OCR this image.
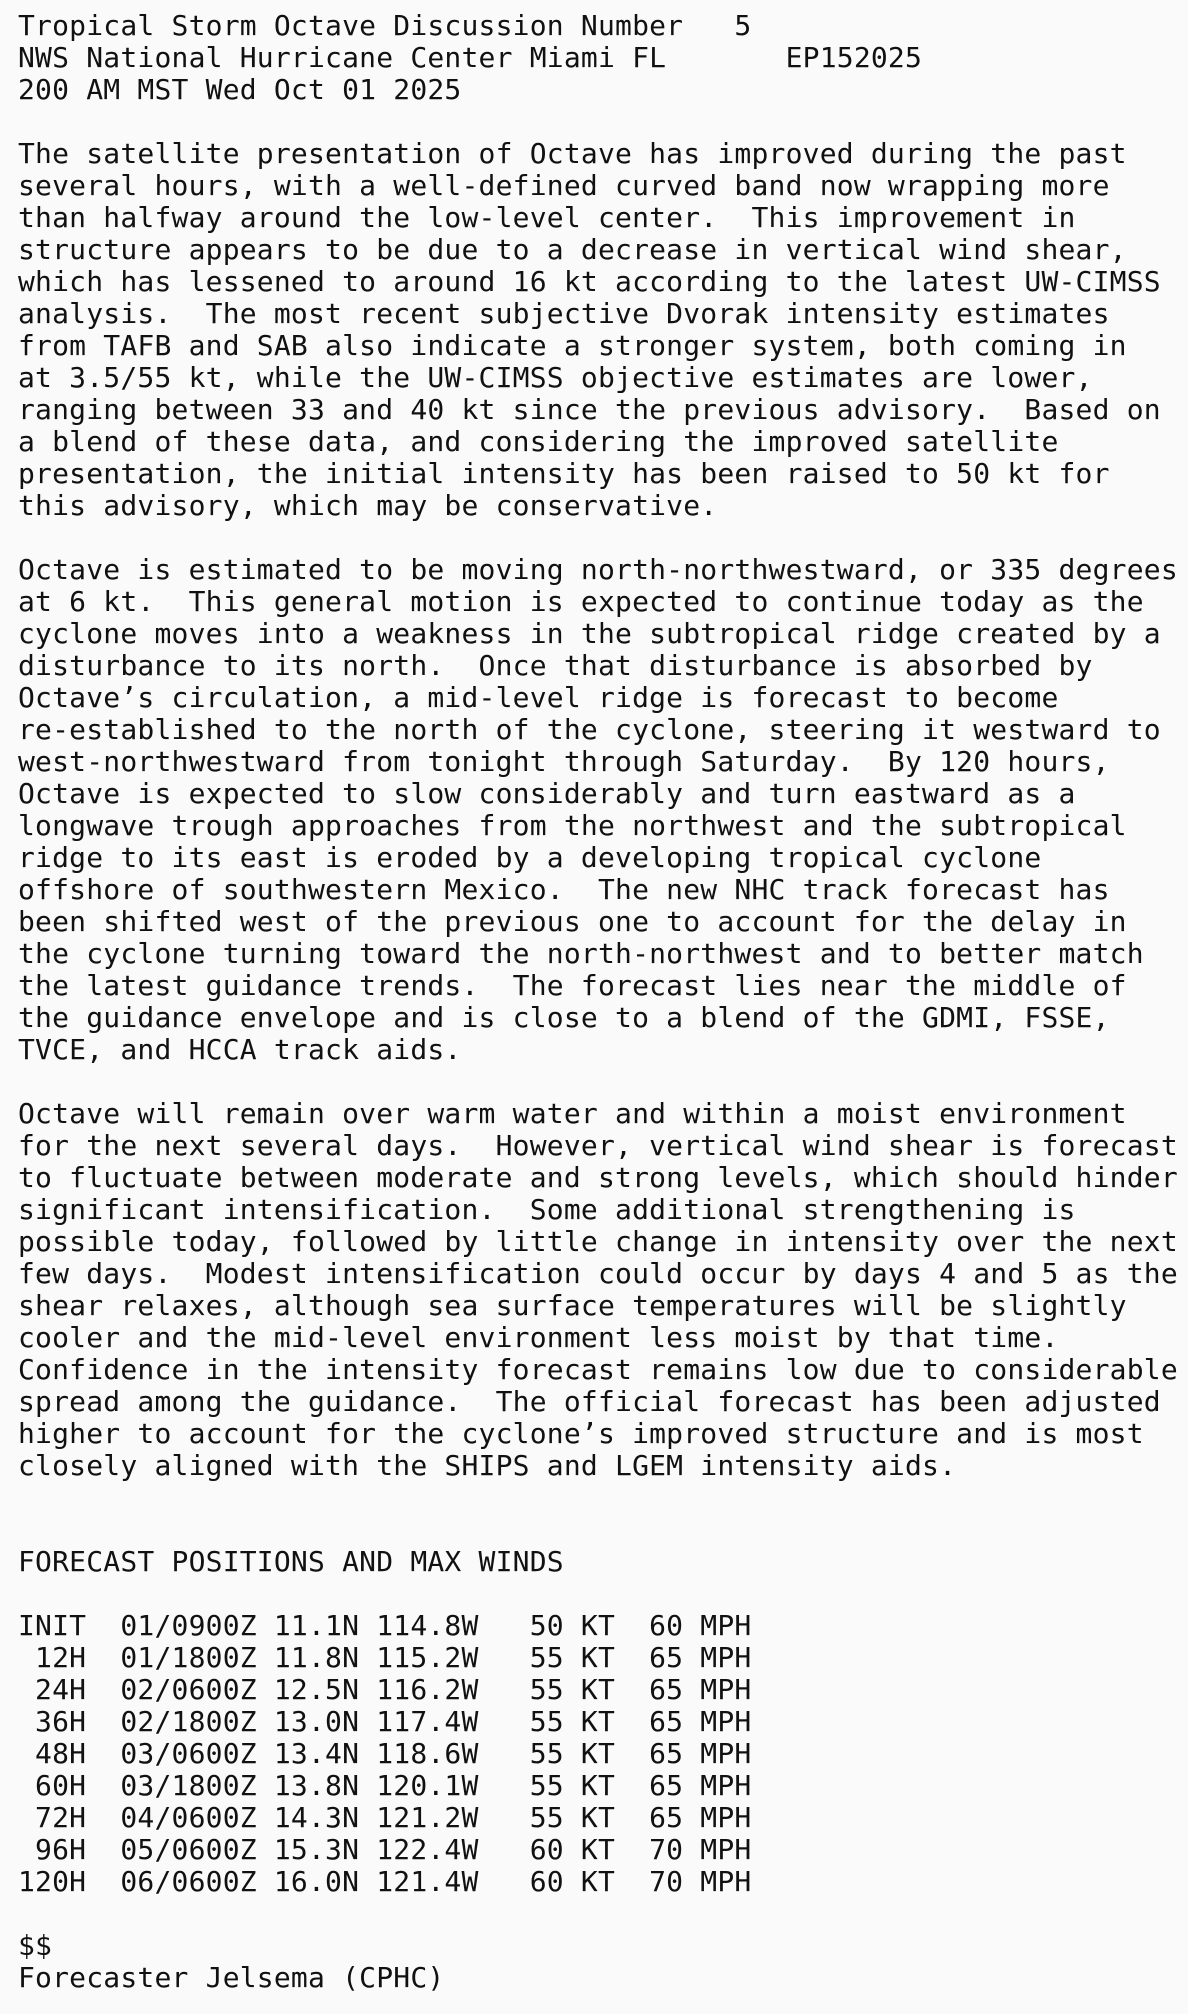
Tropical Storm Octave Discussion Number   5
NWS National Hurricane Center Miami FL       EP152025
200 AM MST Wed Oct 01 2025
The satellite presentation of Octave has improved during the past
several hours, with a well-defined curved band now wrapping more
than halfway around the low-level center.  This improvement in
structure appears to be due to a decrease in vertical wind shear,
which has lessened to around 16 kt according to the latest UW-CIMSS
analysis.  The most recent subjective Dvorak intensity estimates
from TAFB and SAB also indicate a stronger system, both coming in
at 3.5/55 kt, while the UW-CIMSS objective estimates are lower,
ranging between 33 and 40 kt since the previous advisory.  Based on
a blend of these data, and considering the improved satellite
presentation, the initial intensity has been raised to 50 kt for
this advisory, which may be conservative.
Octave is estimated to be moving north-northwestward, or 335 degrees
at 6 kt.  This general motion is expected to continue today as the
cyclone moves into a weakness in the subtropical ridge created by a
disturbance to its north.  Once that disturbance is absorbed by
Octave’s circulation, a mid-level ridge is forecast to become
re-established to the north of the cyclone, steering it westward to
west-northwestward from tonight through Saturday.  By 120 hours,
Octave is expected to slow considerably and turn eastward as a
longwave trough approaches from the northwest and the subtropical
ridge to its east is eroded by a developing tropical cyclone
offshore of southwestern Mexico.  The new NHC track forecast has
been shifted west of the previous one to account for the delay in
the cyclone turning toward the north-northwest and to better match
the latest guidance trends.  The forecast lies near the middle of
the guidance envelope and is close to a blend of the GDMI, FSSE,
TVCE, and HCCA track aids.
Octave will remain over warm water and within a moist environment
for the next several days.  However, vertical wind shear is forecast
to fluctuate between moderate and strong levels, which should hinder
significant intensification.  Some additional strengthening is
possible today, followed by little change in intensity over the next
few days.  Modest intensification could occur by days 4 and 5 as the
shear relaxes, although sea surface temperatures will be slightly
cooler and the mid-level environment less moist by that time.
Confidence in the intensity forecast remains low due to considerable
spread among the guidance.  The official forecast has been adjusted
higher to account for the cyclone’s improved structure and is most
closely aligned with the SHIPS and LGEM intensity aids.
FORECAST POSITIONS AND MAX WINDS
INIT  01/0900Z 11.1N 114.8W   50 KT  60 MPH
12H  01/1800Z 11.8N 115.2W   55 KT  65 MPH
24H  02/0600Z 12.5N 116.2W   55 KT  65 MPH
36H  02/1800Z 13.0N 117.4W   55 KT  65 MPH
48H  03/0600Z 13.4N 118.6W   55 KT  65 MPH
60H  03/1800Z 13.8N 120.1W   55 KT  65 MPH
72H  04/0600Z 14.3N 121.2W   55 KT  65 MPH
96H  05/0600Z 15.3N 122.4W   60 KT  70 MPH
120H  06/0600Z 16.0N 121.4W   60 KT  70 MPH
$$
Forecaster Jelsema (CPHC)
